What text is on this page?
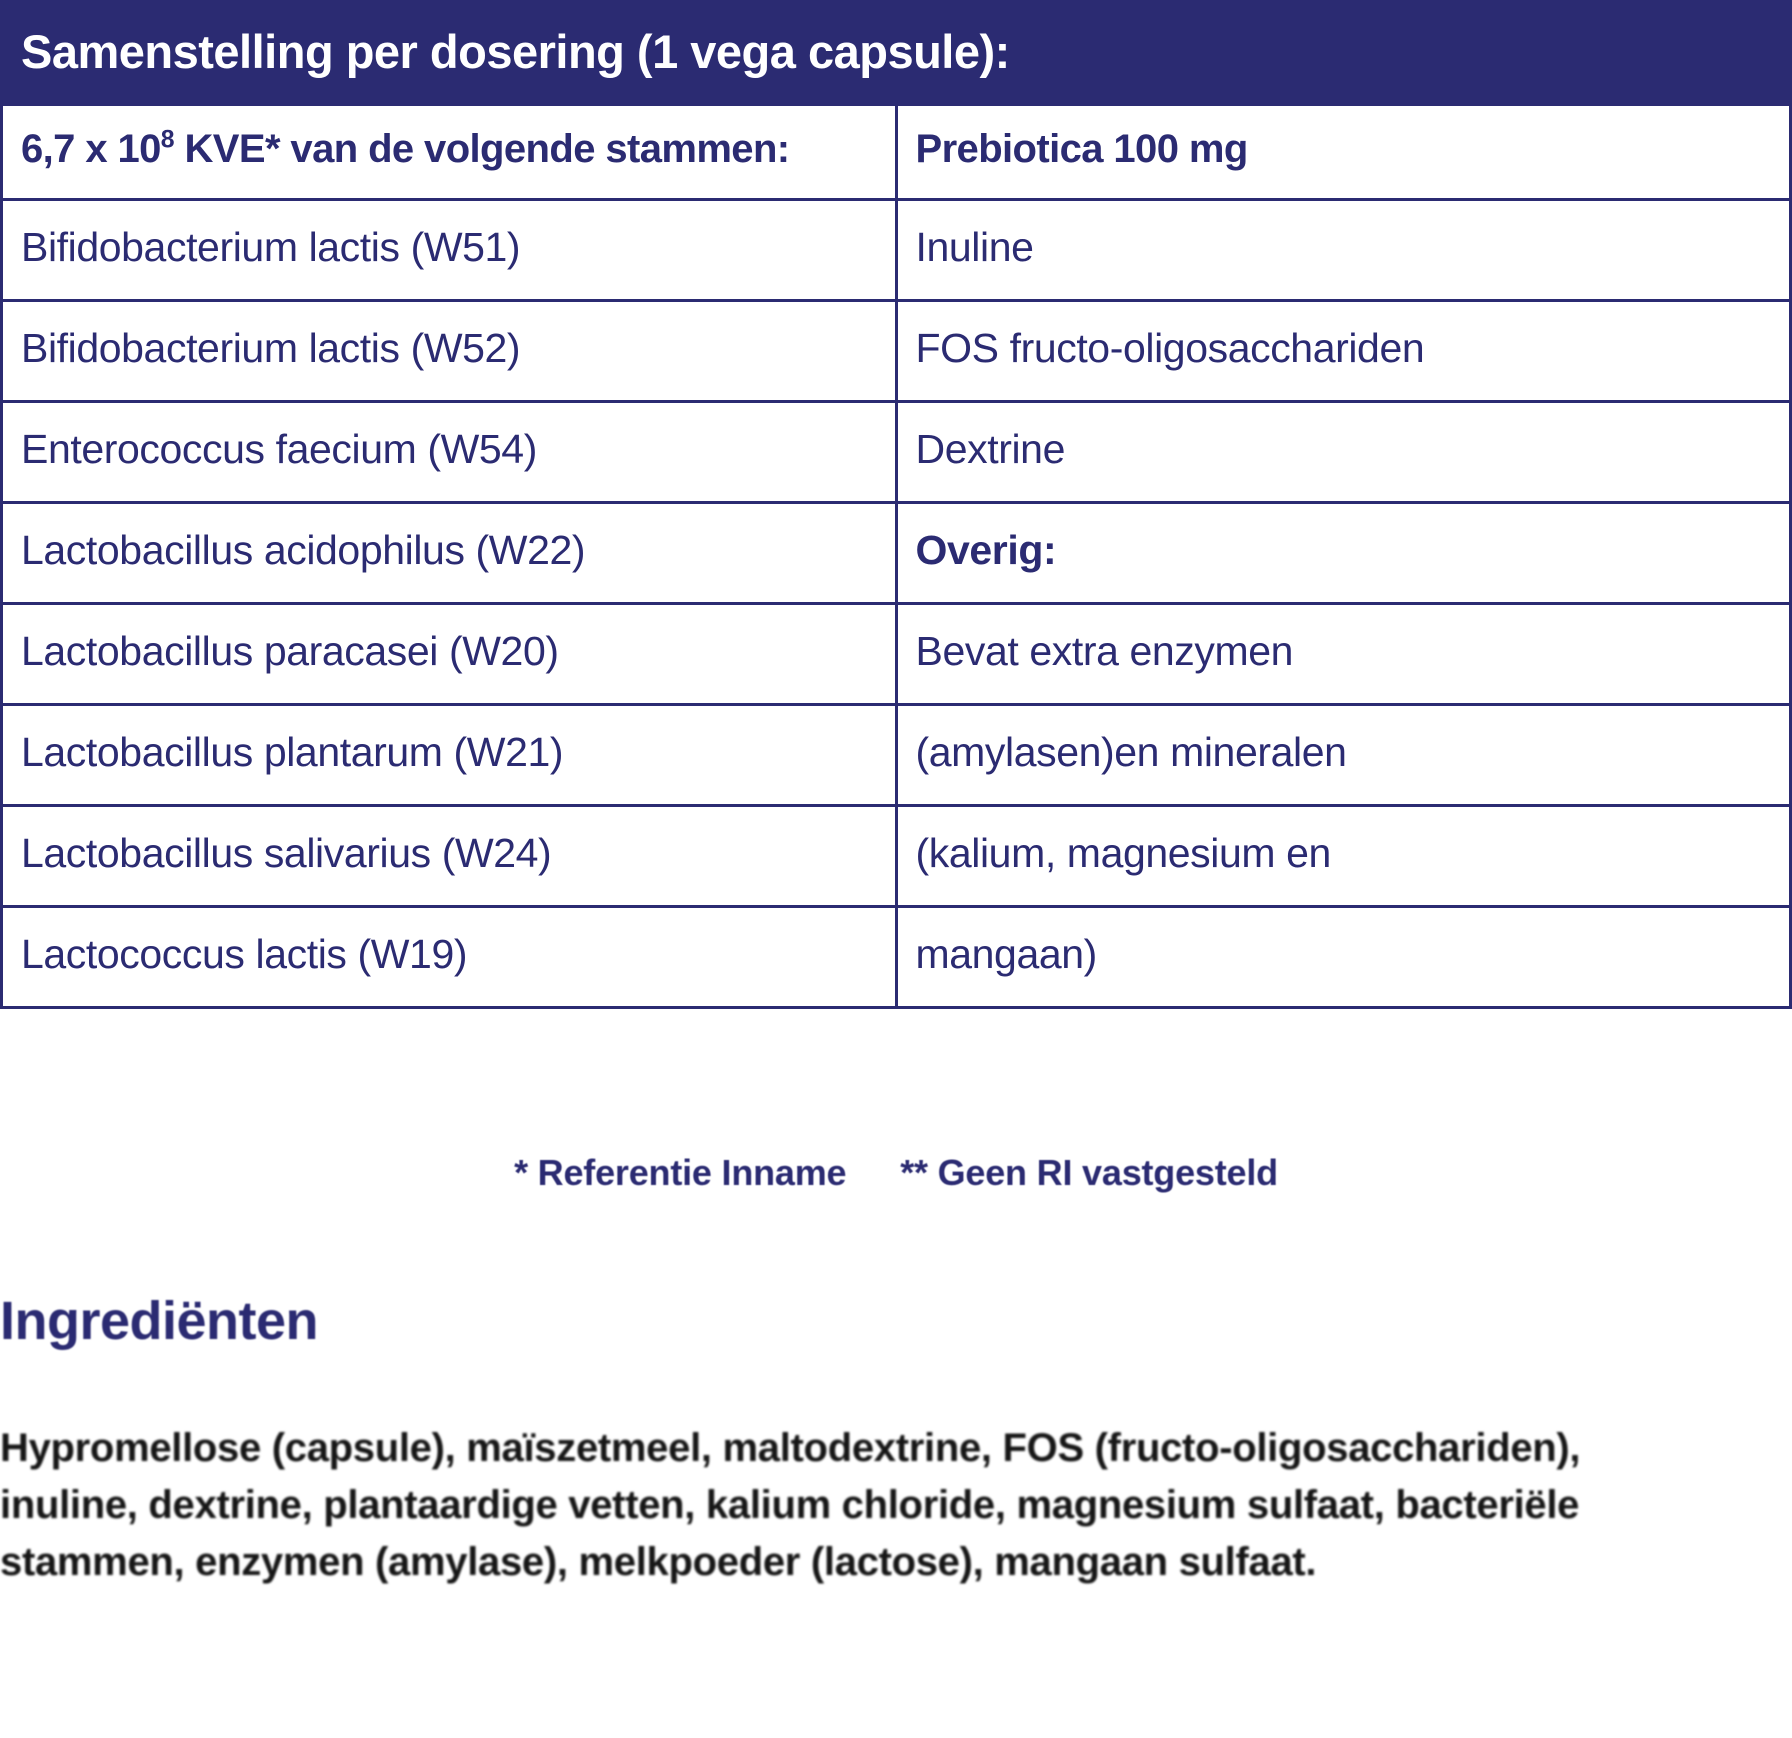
Samenstelling per dosering (1 vega capsule):	
6,7 x $10^8$ KVE* van de volgende stammen:	Prebiotica 100 mg
Bifidobacterium lactis (W51)	Inuline
Bifidobacterium lactis (W52)	FOS fructo-oligosacchariden
Enterococcus faecium (W54)	Dextrine
Lactobacillus acidophilus (W22)	Overig:
Lactobacillus paracasei (W20)	Bevat extra enzymen
Lactobacillus plantarum (W21)	(amylasen)en mineralen
Lactobacillus salivarius (W24)	(kalium, magnesium en
Lactococcus lactis (W19)	mangaan)
* Referentie Inname ** Geen RI vastgesteld
Ingrediënten
Hypromellose (capsule), maïszetmeel, maltodextrine, FOS (fructo-oligosacchariden), inuline, dextrine, plantaardige vetten, kalium chloride, magnesium sulfaat, bacteriële stammen, enzymen (amylase), melkpoeder (lactose), mangaan sulfaat.
